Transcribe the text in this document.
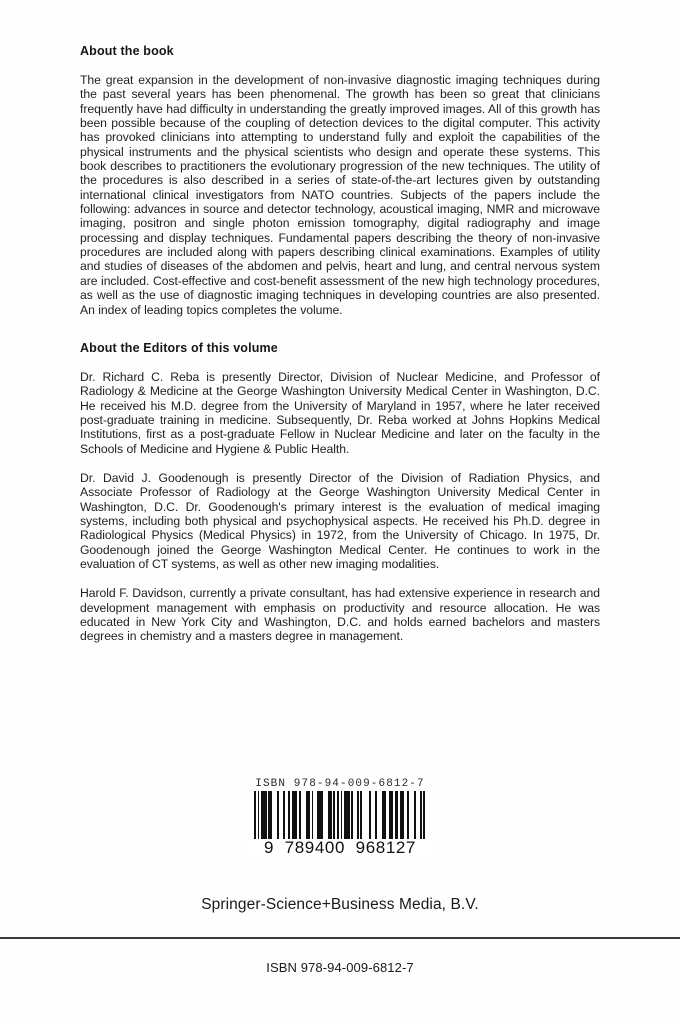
About the book

The great expansion in the development of non-invasive diagnostic imaging techniques during the past several years has been phenomenal. The growth has been so great that clinicians frequently have had difficulty in understanding the greatly improved images. All of this growth has been possible because of the coupling of detection devices to the digital computer. This activity has provoked clinicians into attempting to understand fully and exploit the capabilities of the physical instruments and the physical scientists who design and operate these systems. This book describes to practitioners the evolutionary progression of the new techniques. The utility of the procedures is also described in a series of state-of-the-art lectures given by outstanding international clinical investigators from NATO countries. Subjects of the papers include the following: advances in source and detector technology, acoustical imaging, NMR and microwave imaging, positron and single photon emission tomography, digital radiography and image processing and display techniques. Fundamental papers describing the theory of non-invasive procedures are included along with papers describing clinical examinations. Examples of utility and studies of diseases of the abdomen and pelvis, heart and lung, and central nervous system are included. Cost-effective and cost-benefit assessment of the new high technology procedures, as well as the use of diagnostic imaging techniques in developing countries are also presented. An index of leading topics completes the volume.

About the Editors of this volume

Dr. Richard C. Reba is presently Director, Division of Nuclear Medicine, and Professor of Radiology & Medicine at the George Washington University Medical Center in Washington, D.C. He received his M.D. degree from the University of Maryland in 1957, where he later received post-graduate training in medicine. Subsequently, Dr. Reba worked at Johns Hopkins Medical Institutions, first as a post-graduate Fellow in Nuclear Medicine and later on the faculty in the Schools of Medicine and Hygiene & Public Health.

Dr. David J. Goodenough is presently Director of the Division of Radiation Physics, and Associate Professor of Radiology at the George Washington University Medical Center in Washington, D.C. Dr. Goodenough's primary interest is the evaluation of medical imaging systems, including both physical and psychophysical aspects. He received his Ph.D. degree in Radiological Physics (Medical Physics) in 1972, from the University of Chicago. In 1975, Dr. Goodenough joined the George Washington Medical Center. He continues to work in the evaluation of CT systems, as well as other new imaging modalities.

Harold F. Davidson, currently a private consultant, has had extensive experience in research and development management with emphasis on productivity and resource allocation. He was educated in New York City and Washington, D.C. and holds earned bachelors and masters degrees in chemistry and a masters degree in management.

ISBN 978-94-009-6812-7
9  789400  968127
Springer-Science+Business Media, B.V.
ISBN 978-94-009-6812-7
